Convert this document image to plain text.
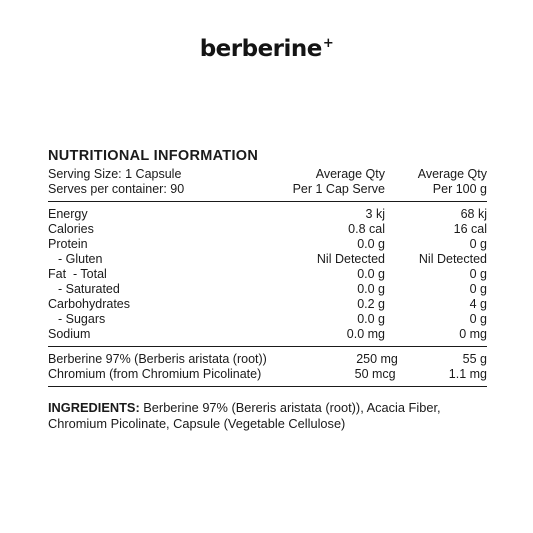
berberine+
NUTRITIONAL INFORMATION
Serving Size: 1 Capsule	Average Qty	Average Qty
Serves per container: 90	Per 1 Cap Serve	Per 100 g
Energy	3 kj	68 kj
Calories	0.8 cal	16 cal
Protein	0.0 g	0 g
- Gluten	Nil Detected	Nil Detected
Fat  - Total	0.0 g	0 g
- Saturated	0.0 g	0 g
Carbohydrates	0.2 g	4 g
- Sugars	0.0 g	0 g
Sodium	0.0 mg	0 mg
Berberine 97% (Berberis aristata (root))	250 mg	55 g
Chromium (from Chromium Picolinate)	50 mcg	1.1 mg
INGREDIENTS: Berberine 97% (Bereris aristata (root)), Acacia Fiber, Chromium Picolinate, Capsule (Vegetable Cellulose)
